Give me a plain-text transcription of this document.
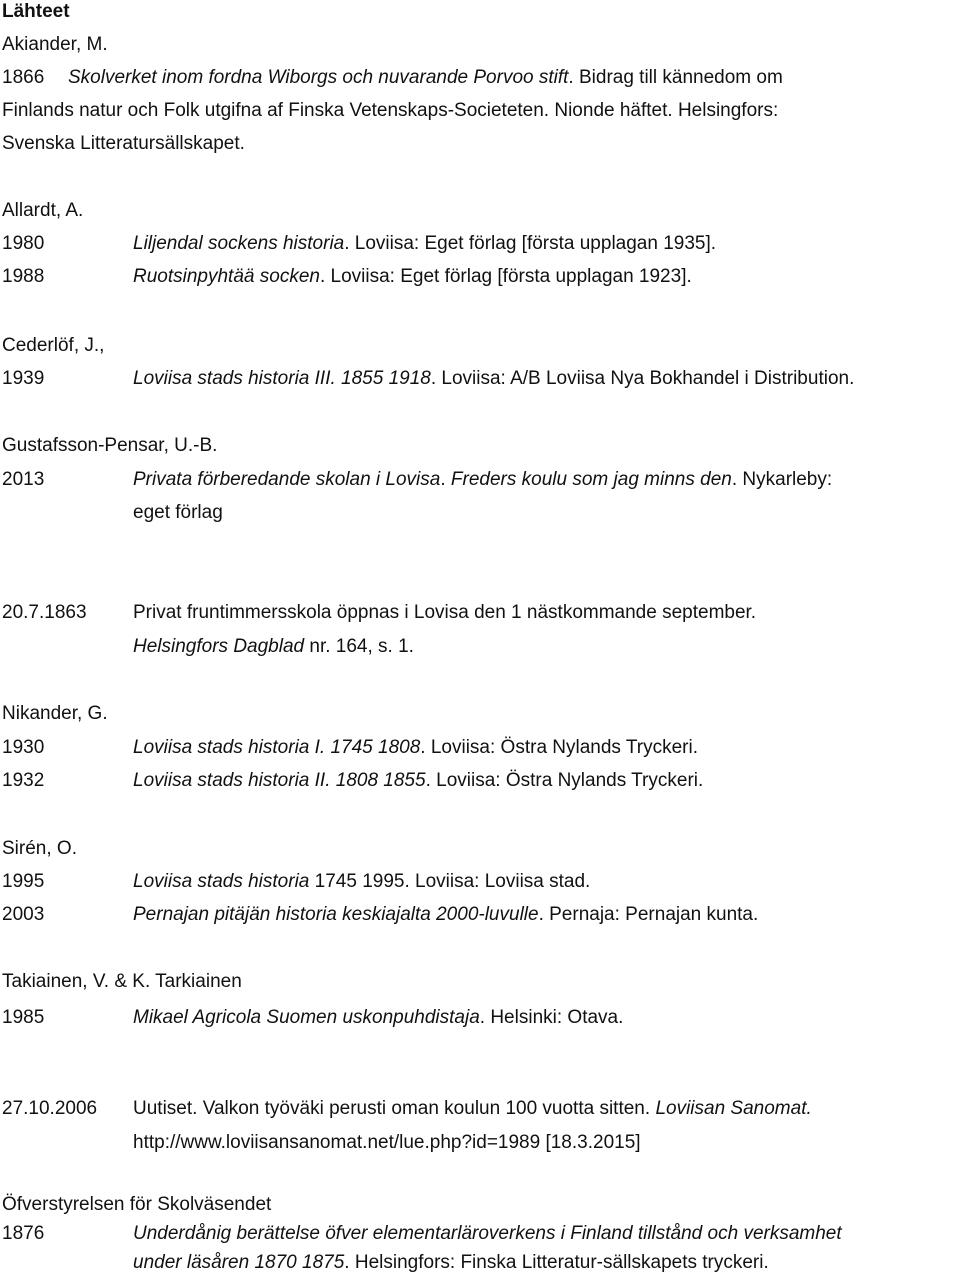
Lähteet
Akiander, M.
1866 Skolverket inom fordna Wiborgs och nuvarande Porvoo stift. Bidrag till kännedom om
Finlands natur och Folk utgifna af Finska Vetenskaps-Societeten. Nionde häftet. Helsingfors:
Svenska Litteratursällskapet.
Allardt, A.
1980	Liljendal sockens historia. Loviisa: Eget förlag [första upplagan 1935].
1988	Ruotsinpyhtää socken. Loviisa: Eget förlag [första upplagan 1923].
Cederlöf, J.,
1939	Loviisa stads historia III. 1855 1918. Loviisa: A/B Loviisa Nya Bokhandel i Distribution.
Gustafsson-Pensar, U.-B.
2013	Privata förberedande skolan i Lovisa. Freders koulu som jag minns den. Nykarleby:
eget förlag
20.7.1863 Privat fruntimmersskola öppnas i Lovisa den 1 nästkommande september.
Helsingfors Dagblad nr. 164, s. 1.
Nikander, G.
1930	Loviisa stads historia I. 1745 1808. Loviisa: Östra Nylands Tryckeri.
1932	Loviisa stads historia II. 1808 1855. Loviisa: Östra Nylands Tryckeri.
Sirén, O.
1995	Loviisa stads historia 1745 1995. Loviisa: Loviisa stad.
2003	Pernajan pitäjän historia keskiajalta 2000-luvulle. Pernaja: Pernajan kunta.
Takiainen, V. & K. Tarkiainen
1985	Mikael Agricola Suomen uskonpuhdistaja. Helsinki: Otava.
27.10.2006 Uutiset. Valkon työväki perusti oman koulun 100 vuotta sitten. Loviisan Sanomat.
http://www.loviisansanomat.net/lue.php?id=1989 [18.3.2015]
Öfverstyrelsen för Skolväsendet
1876	Underdånig berättelse öfver elementarläroverkens i Finland tillstånd och verksamhet
under läsåren 1870 1875. Helsingfors: Finska Litteratur-sällskapets tryckeri.
